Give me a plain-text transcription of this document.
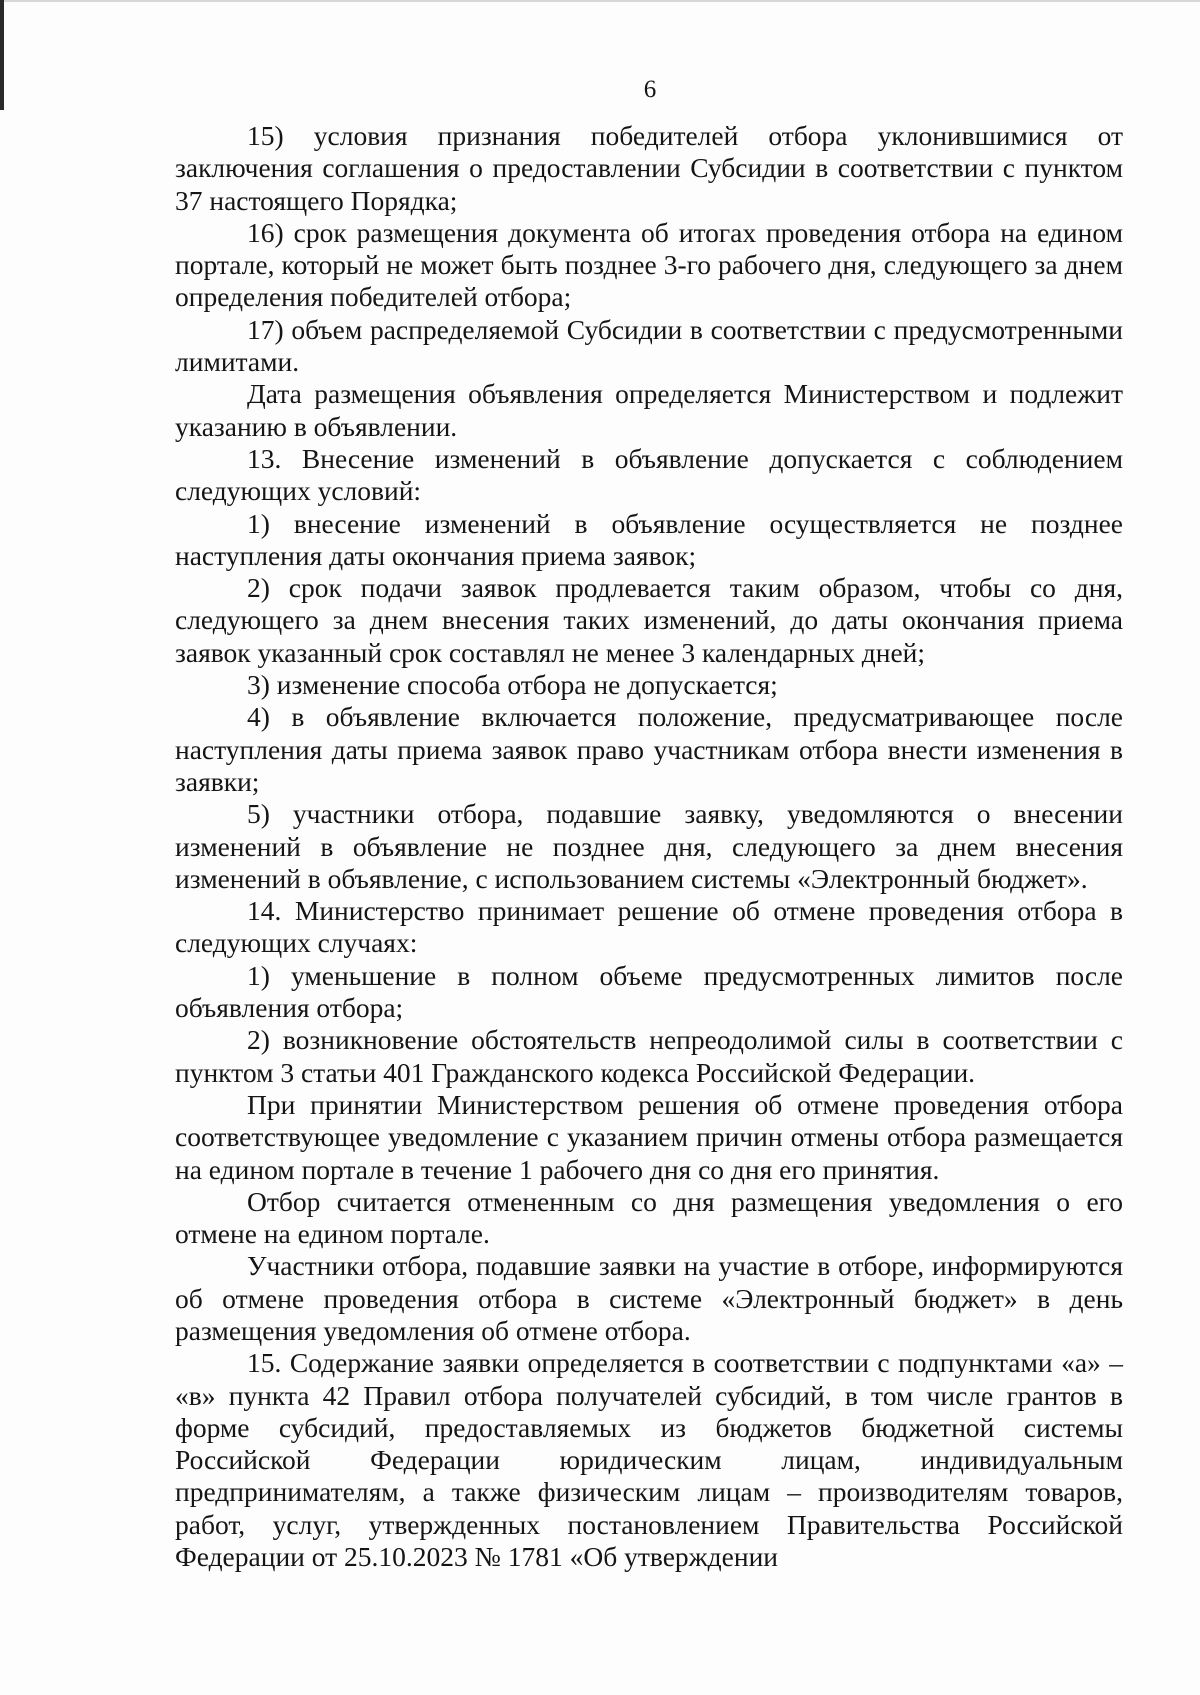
6

15) условия признания победителей отбора уклонившимися от заключения соглашения о предоставлении Субсидии в соответствии с пунктом 37 настоящего Порядка;

16) срок размещения документа об итогах проведения отбора на едином портале, который не может быть позднее 3-го рабочего дня, следующего за днем определения победителей отбора;

17) объем распределяемой Субсидии в соответствии с предусмотренными лимитами.

Дата размещения объявления определяется Министерством и подлежит указанию в объявлении.

13. Внесение изменений в объявление допускается с соблюдением следующих условий:

1) внесение изменений в объявление осуществляется не позднее наступления даты окончания приема заявок;

2) срок подачи заявок продлевается таким образом, чтобы со дня, следующего за днем внесения таких изменений, до даты окончания приема заявок указанный срок составлял не менее 3 календарных дней;

3) изменение способа отбора не допускается;

4) в объявление включается положение, предусматривающее после наступления даты приема заявок право участникам отбора внести изменения в заявки;

5) участники отбора, подавшие заявку, уведомляются о внесении изменений в объявление не позднее дня, следующего за днем внесения изменений в объявление, с использованием системы «Электронный бюджет».

14. Министерство принимает решение об отмене проведения отбора в следующих случаях:

1) уменьшение в полном объеме предусмотренных лимитов после объявления отбора;

2) возникновение обстоятельств непреодолимой силы в соответствии с пунктом 3 статьи 401 Гражданского кодекса Российской Федерации.

При принятии Министерством решения об отмене проведения отбора соответствующее уведомление с указанием причин отмены отбора размещается на едином портале в течение 1 рабочего дня со дня его принятия.

Отбор считается отмененным со дня размещения уведомления о его отмене на едином портале.

Участники отбора, подавшие заявки на участие в отборе, информируются об отмене проведения отбора в системе «Электронный бюджет» в день размещения уведомления об отмене отбора.

15. Содержание заявки определяется в соответствии с подпунктами «а» – «в» пункта 42 Правил отбора получателей субсидий, в том числе грантов в форме субсидий, предоставляемых из бюджетов бюджетной системы Российской Федерации юридическим лицам, индивидуальным предпринимателям, а также физическим лицам – производителям товаров, работ, услуг, утвержденных постановлением Правительства Российской Федерации от 25.10.2023 № 1781 «Об утверждении
